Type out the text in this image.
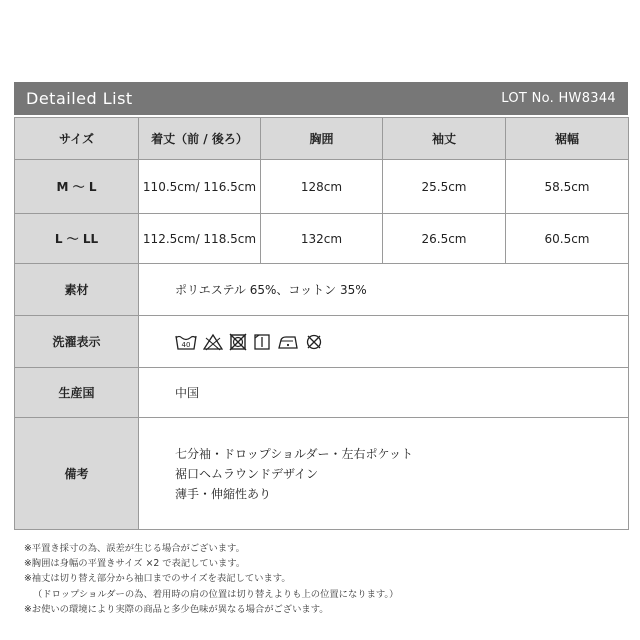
Detailed List	LOT No. HW8344
サイズ	着丈（前 / 後ろ）	胸囲	袖丈	裾幅
M ～ L	110.5cm/ 116.5cm	128cm	25.5cm	58.5cm
L ～ LL	112.5cm/ 118.5cm	132cm	26.5cm	60.5cm
素材	ポリエステル 65%、コットン 35%			
洗濯表示	40			

生産国	中国			
備考	七分袖・ドロップショルダー・左右ポケット
裾口ヘムラウンドデザイン
薄手・伸縮性あり			
※平置き採寸の為、誤差が生じる場合がございます。
※胸囲は身幅の平置きサイズ ×2 で表記しています。
※袖丈は切り替え部分から袖口までのサイズを表記しています。
（ドロップショルダーの為、着用時の肩の位置は切り替えよりも上の位置になります。）
※お使いの環境により実際の商品と多少色味が異なる場合がございます。
